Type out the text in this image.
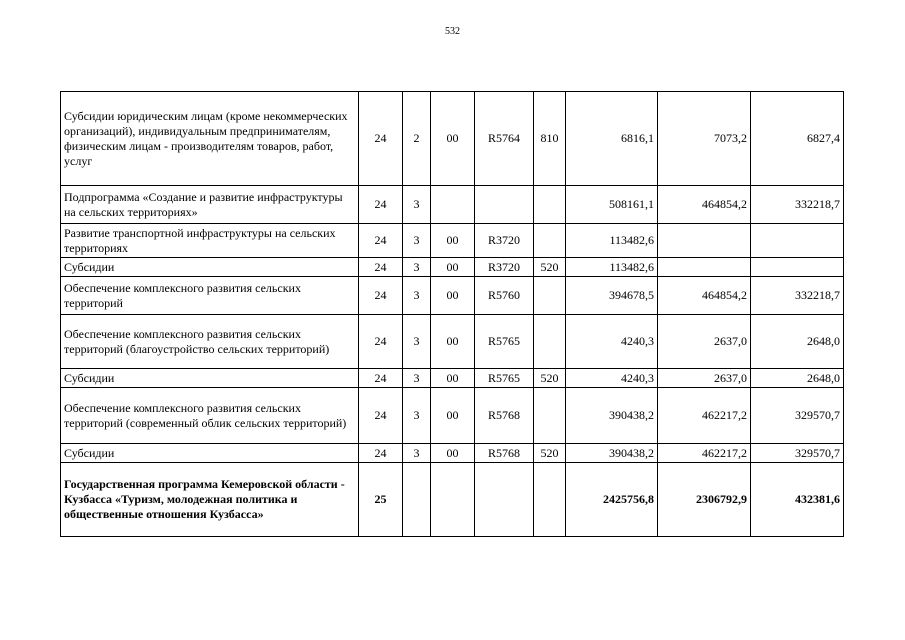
532
Субсидии юридическим лицам (кроме некоммерческих организаций), индивидуальным предпринимателям, физическим лицам - производителям товаров, работ, услуг	24	2	00	R5764	810	6816,1	7073,2	6827,4
Подпрограмма «Создание и развитие инфраструктуры на сельских территориях»	24	3				508161,1	464854,2	332218,7
Развитие транспортной инфраструктуры на сельских территориях	24	3	00	R3720		113482,6		
Субсидии	24	3	00	R3720	520	113482,6		
Обеспечение комплексного развития сельских территорий	24	3	00	R5760		394678,5	464854,2	332218,7
Обеспечение комплексного развития сельских территорий (благоустройство сельских территорий)	24	3	00	R5765		4240,3	2637,0	2648,0
Субсидии	24	3	00	R5765	520	4240,3	2637,0	2648,0
Обеспечение комплексного развития сельских территорий (современный облик сельских территорий)	24	3	00	R5768		390438,2	462217,2	329570,7
Субсидии	24	3	00	R5768	520	390438,2	462217,2	329570,7
Государственная программа Кемеровской области - Кузбасса «Туризм, молодежная политика и общественные отношения Кузбасса»	25					2425756,8	2306792,9	432381,6
